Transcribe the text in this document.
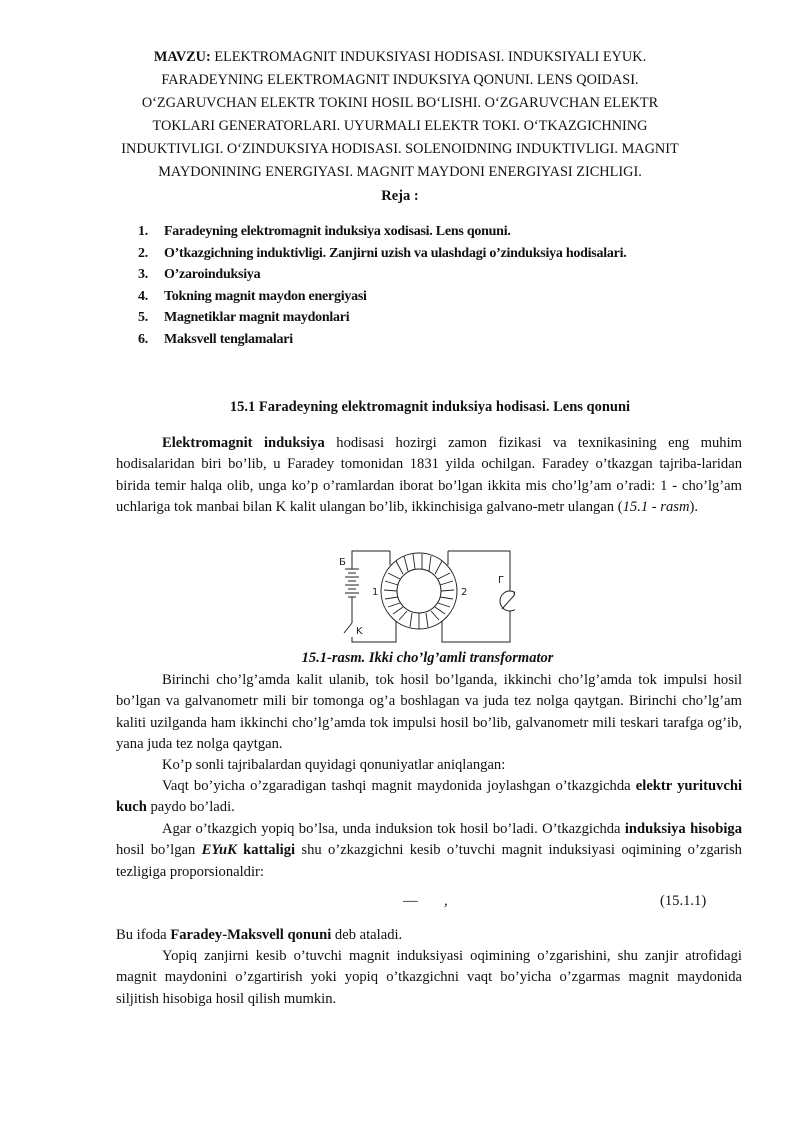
MAVZU: ELEKTROMAGNIT INDUKSIYASI HODISASI. INDUKSIYALI EYUK. FARADEYNING ELEKTROMAGNIT INDUKSIYA QONUNI. LENS QOIDASI. O‘ZGARUVCHAN ELEKTR TOKINI HOSIL BO‘LISHI. O‘ZGARUVCHAN ELEKTR TOKLARI GENERATORLARI. UYURMALI ELEKTR TOKI. O‘TKAZGICHNING INDUKTIVLIGI. O‘ZINDUKSIYA HODISASI. SOLENOIDNING INDUKTIVLIGI. MAGNIT MAYDONINING ENERGIYASI. MAGNIT MAYDONI ENERGIYASI ZICHLIGI.
Reja :
1. Faradeyning elektromagnit induksiya xodisasi. Lens qonuni.
2. O’tkazgichning induktivligi. Zanjirni uzish va ulashdagi o’zinduksiya hodisalari.
3. O’zaroinduksiya
4. Tokning magnit maydon energiyasi
5. Magnetiklar magnit maydonlari
6. Maksvell tenglamalari
15.1 Faradeyning elektromagnit induksiya hodisasi. Lens qonuni

Elektromagnit induksiya hodisasi hozirgi zamon fizikasi va texnikasining eng muhim hodisalaridan biri bo’lib, u Faradey tomonidan 1831 yilda ochilgan. Faradey o’tkazgan tajriba-laridan birida temir halqa olib, unga ko’p o’ramlardan iborat bo’lgan ikkita mis cho’lg’am o’radi: 1 - cho’lg’am uchlariga tok manbai bilan K kalit ulangan bo’lib, ikkinchisiga galvano-metr ulangan (15.1 - rasm).

Б
K
1	2
Г
15.1-rasm. Ikki cho’lg’amli transformator

Birinchi cho’lg’amda kalit ulanib, tok hosil bo’lganda, ikkinchi cho’lg’amda tok impulsi hosil bo’lgan va galvanometr mili bir tomonga og’a boshlagan va juda tez nolga qaytgan. Birinchi cho’lg’am kaliti uzilganda ham ikkinchi cho’lg’amda tok impulsi hosil bo’lib, galvanometr mili teskari tarafga og’ib, yana juda tez nolga qaytgan.

Ko’p sonli tajribalardan quyidagi qonuniyatlar aniqlangan:

Vaqt bo’yicha o’zgaradigan tashqi magnit maydonida joylashgan o’tkazgichda elektr yurituvchi kuch paydo bo’ladi.

Agar o’tkazgich yopiq bo’lsa, unda induksion tok hosil bo’ladi. O’tkazgichda induksiya hisobiga hosil bo’lgan EYuK kattaligi shu o’zkazgichni kesib o’tuvchi magnit induksiyasi oqimining o’zgarish tezligiga proporsionaldir:

— ,	(15.1.1)

Bu ifoda Faradey-Maksvell qonuni deb ataladi.

Yopiq zanjirni kesib o’tuvchi magnit induksiyasi oqimining o’zgarishini, shu zanjir atrofidagi magnit maydonini o’zgartirish yoki yopiq o’tkazgichni vaqt bo’yicha o’zgarmas magnit maydonida siljitish hisobiga hosil qilish mumkin.
